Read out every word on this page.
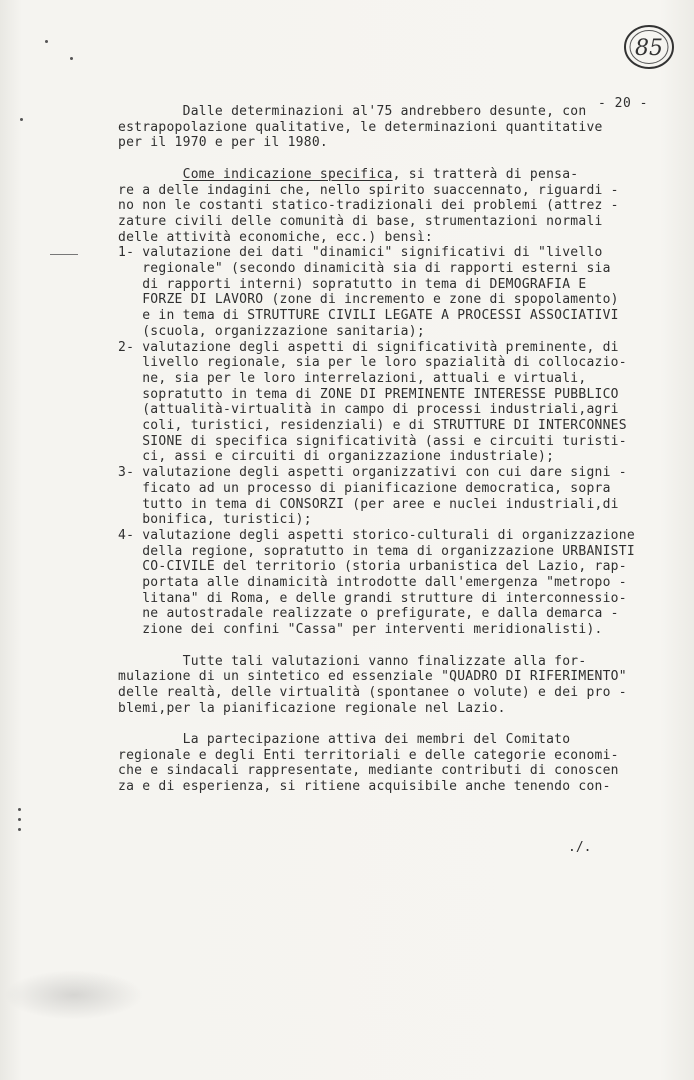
85
- 20 -

Dalle determinazioni al'75 andrebbero desunte, con

estrapopolazione qualitative, le determinazioni quantitative

per il 1970 e per il 1980.

Come indicazione specifica, si tratterà di pensa-

re a delle indagini che, nello spirito suaccennato, riguardi -

no non le costanti statico-tradizionali dei problemi (attrez -

zature civili delle comunità di base, strumentazioni normali

delle attività economiche, ecc.) bensì:

1- valutazione dei dati "dinamici" significativi di "livello

regionale" (secondo dinamicità sia di rapporti esterni sia

di rapporti interni) sopratutto in tema di DEMOGRAFIA E

FORZE DI LAVORO (zone di incremento e zone di spopolamento)

e in tema di STRUTTURE CIVILI LEGATE A PROCESSI ASSOCIATIVI

(scuola, organizzazione sanitaria);

2- valutazione degli aspetti di significatività preminente, di

livello regionale, sia per le loro spazialità di collocazio-

ne, sia per le loro interrelazioni, attuali e virtuali,

sopratutto in tema di ZONE DI PREMINENTE INTERESSE PUBBLICO

(attualità-virtualità in campo di processi industriali,agri

coli, turistici, residenziali) e di STRUTTURE DI INTERCONNES

SIONE di specifica significatività (assi e circuiti turisti-

ci, assi e circuiti di organizzazione industriale);

3- valutazione degli aspetti organizzativi con cui dare signi -

ficato ad un processo di pianificazione democratica, sopra

tutto in tema di CONSORZI (per aree e nuclei industriali,di

bonifica, turistici);

4- valutazione degli aspetti storico-culturali di organizzazione

della regione, sopratutto in tema di organizzazione URBANISTI

CO-CIVILE del territorio (storia urbanistica del Lazio, rap-

portata alle dinamicità introdotte dall'emergenza "metropo -

litana" di Roma, e delle grandi strutture di interconnessio-

ne autostradale realizzate o prefigurate, e dalla demarca -

zione dei confini "Cassa" per interventi meridionalisti).

Tutte tali valutazioni vanno finalizzate alla for-

mulazione di un sintetico ed essenziale "QUADRO DI RIFERIMENTO"

delle realtà, delle virtualità (spontanee o volute) e dei pro -

blemi,per la pianificazione regionale nel Lazio.

La partecipazione attiva dei membri del Comitato

regionale e degli Enti territoriali e delle categorie economi-

che e sindacali rappresentate, mediante contributi di conoscen

za e di esperienza, si ritiene acquisibile anche tenendo con-

./.
